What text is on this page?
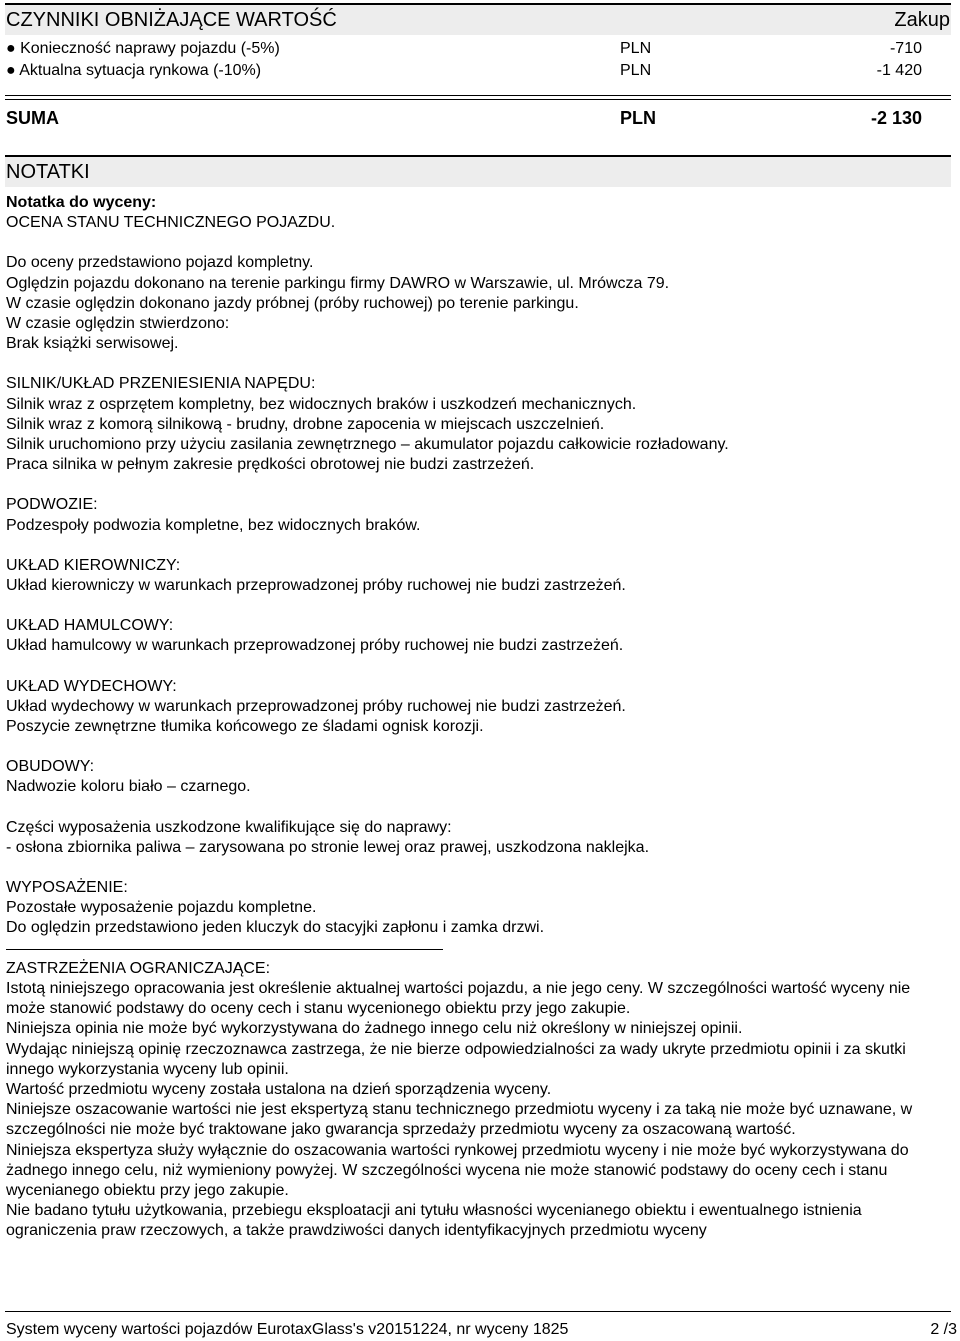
CZYNNIKI OBNIŻAJĄCE WARTOŚĆ	Zakup
● Konieczność naprawy pojazdu (-5%)	PLN	-710
● Aktualna sytuacja rynkowa (-10%)	PLN	-1 420
SUMA	PLN	-2 130
NOTATKI

Notatka do wyceny:

OCENA STANU TECHNICZNEGO POJAZDU.

Do oceny przedstawiono pojazd kompletny.

Oględzin pojazdu dokonano na terenie parkingu firmy DAWRO w Warszawie, ul. Mrówcza 79.

W czasie oględzin dokonano jazdy próbnej (próby ruchowej) po terenie parkingu.

W czasie oględzin stwierdzono:

Brak książki serwisowej.

SILNIK/UKŁAD PRZENIESIENIA NAPĘDU:

Silnik wraz z osprzętem kompletny, bez widocznych braków i uszkodzeń mechanicznych.

Silnik wraz z komorą silnikową - brudny, drobne zapocenia w miejscach uszczelnień.

Silnik uruchomiono przy użyciu zasilania zewnętrznego – akumulator pojazdu całkowicie rozładowany.

Praca silnika w pełnym zakresie prędkości obrotowej nie budzi zastrzeżeń.

PODWOZIE:

Podzespoły podwozia kompletne, bez widocznych braków.

UKŁAD KIEROWNICZY:

Układ kierowniczy w warunkach przeprowadzonej próby ruchowej nie budzi zastrzeżeń.

UKŁAD HAMULCOWY:

Układ hamulcowy w warunkach przeprowadzonej próby ruchowej nie budzi zastrzeżeń.

UKŁAD WYDECHOWY:

Układ wydechowy w warunkach przeprowadzonej próby ruchowej nie budzi zastrzeżeń.

Poszycie zewnętrzne tłumika końcowego ze śladami ognisk korozji.

OBUDOWY:

Nadwozie koloru biało – czarnego.

Części wyposażenia uszkodzone kwalifikujące się do naprawy:

- osłona zbiornika paliwa – zarysowana po stronie lewej oraz prawej, uszkodzona naklejka.

WYPOSAŻENIE:

Pozostałe wyposażenie pojazdu kompletne.

Do oględzin przedstawiono jeden kluczyk do stacyjki zapłonu i zamka drzwi.

ZASTRZEŻENIA OGRANICZAJĄCE:

Istotą niniejszego opracowania jest określenie aktualnej wartości pojazdu, a nie jego ceny. W szczególności wartość wyceny nie może stanowić podstawy do oceny cech i stanu wycenionego obiektu przy jego zakupie.

Niniejsza opinia nie może być wykorzystywana do żadnego innego celu niż określony w niniejszej opinii.

Wydając niniejszą opinię rzeczoznawca zastrzega, że nie bierze odpowiedzialności za wady ukryte przedmiotu opinii i za skutki innego wykorzystania wyceny lub opinii.

Wartość przedmiotu wyceny została ustalona na dzień sporządzenia wyceny.

Niniejsze oszacowanie wartości nie jest ekspertyzą stanu technicznego przedmiotu wyceny i za taką nie może być uznawane, w szczególności nie może być traktowane jako gwarancja sprzedaży przedmiotu wyceny za oszacowaną wartość.

Niniejsza ekspertyza służy wyłącznie do oszacowania wartości rynkowej przedmiotu wyceny i nie może być wykorzystywana do żadnego innego celu, niż wymieniony powyżej. W szczególności wycena nie może stanowić podstawy do oceny cech i stanu wycenianego obiektu przy jego zakupie.

Nie badano tytułu użytkowania, przebiegu eksploatacji ani tytułu własności wycenianego obiektu i ewentualnego istnienia ograniczenia praw rzeczowych, a także prawdziwości danych identyfikacyjnych przedmiotu wyceny

System wyceny wartości pojazdów EurotaxGlass's v20151224, nr wyceny 1825	2 /3
